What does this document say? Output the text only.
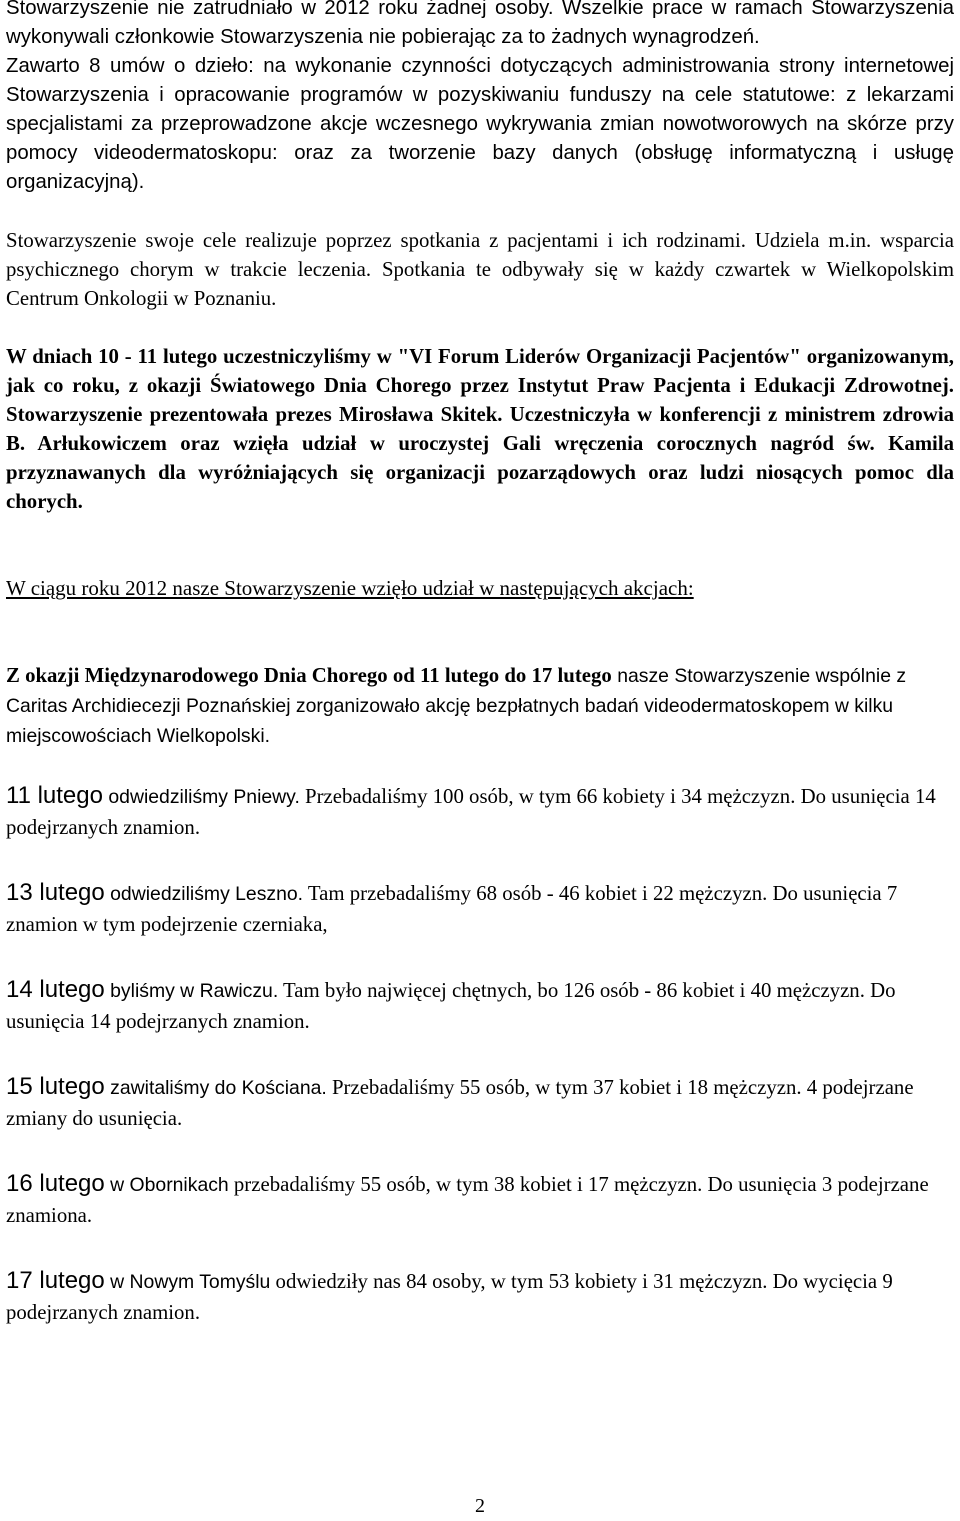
Stowarzyszenie nie zatrudniało w 2012 roku żadnej osoby. Wszelkie prace w ramach Stowarzyszenia wykonywali członkowie Stowarzyszenia nie pobierając za to żadnych wynagrodzeń.

Zawarto 8 umów o dzieło: na wykonanie czynności dotyczących administrowania strony internetowej Stowarzyszenia i opracowanie programów w pozyskiwaniu funduszy na cele statutowe: z lekarzami specjalistami za przeprowadzone akcje wczesnego wykrywania zmian nowotworowych na skórze przy pomocy videodermatoskopu: oraz za tworzenie bazy danych (obsługę informatyczną i usługę organizacyjną).

Stowarzyszenie swoje cele realizuje poprzez spotkania z pacjentami i ich rodzinami. Udziela m.in. wsparcia psychicznego chorym w trakcie leczenia. Spotkania te odbywały się w każdy czwartek w Wielkopolskim Centrum Onkologii w Poznaniu.

W dniach 10 - 11 lutego uczestniczyliśmy w "VI Forum Liderów Organizacji Pacjentów" organizowanym, jak co roku, z okazji Światowego Dnia Chorego przez Instytut Praw Pacjenta i Edukacji Zdrowotnej. Stowarzyszenie prezentowała prezes Mirosława Skitek. Uczestniczyła w konferencji z ministrem zdrowia B. Arłukowiczem oraz wzięła udział w uroczystej Gali wręczenia corocznych nagród św. Kamila przyznawanych dla wyróżniających się organizacji pozarządowych oraz ludzi niosących pomoc dla chorych.

W ciągu roku 2012 nasze Stowarzyszenie wzięło udział w następujących akcjach:

Z okazji Międzynarodowego Dnia Chorego od 11 lutego do 17 lutego nasze Stowarzyszenie wspólnie z Caritas Archidiecezji Poznańskiej zorganizowało akcję bezpłatnych badań videodermatoskopem w kilku miejscowościach Wielkopolski.

11 lutego odwiedziliśmy Pniewy. Przebadaliśmy 100 osób, w tym 66 kobiety i 34 mężczyzn. Do usunięcia 14 podejrzanych znamion.

13 lutego odwiedziliśmy Leszno. Tam przebadaliśmy 68 osób - 46 kobiet i 22 mężczyzn. Do usunięcia 7 znamion w tym podejrzenie czerniaka,

14 lutego byliśmy w Rawiczu. Tam było najwięcej chętnych, bo 126 osób - 86 kobiet i 40 mężczyzn. Do usunięcia 14 podejrzanych znamion.

15 lutego zawitaliśmy do Kościana. Przebadaliśmy 55 osób, w tym 37 kobiet i 18 mężczyzn. 4 podejrzane zmiany do usunięcia.

16 lutego w Obornikach przebadaliśmy 55 osób, w tym 38 kobiet i 17 mężczyzn. Do usunięcia 3 podejrzane znamiona.

17 lutego w Nowym Tomyślu odwiedziły nas 84 osoby, w tym 53 kobiety i 31 mężczyzn. Do wycięcia 9 podejrzanych znamion.

2
